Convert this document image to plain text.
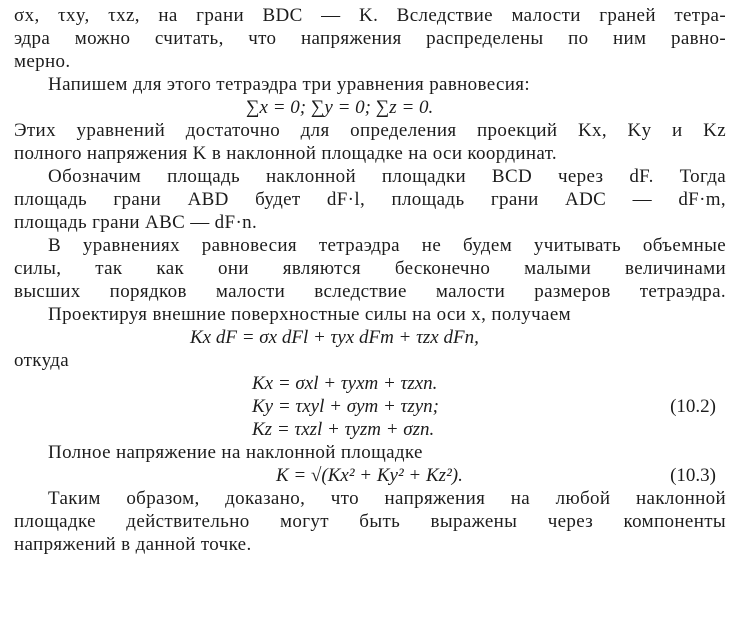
σx, τxy, τxz, на грани BDC — K. Вследствие малости граней тетра-
эдра можно считать, что напряжения распределены по ним равно-
мерно.
Напишем для этого тетраэдра три уравнения равновесия:
∑x = 0; ∑y = 0; ∑z = 0.
Этих уравнений достаточно для определения проекций Kx, Ky и Kz
полного напряжения K в наклонной площадке на оси координат.
Обозначим площадь наклонной площадки BCD через dF. Тогда
площадь грани ABD будет dF·l, площадь грани ADC — dF·m,
площадь грани ABC — dF·n.
В уравнениях равновесия тетраэдра не будем учитывать объемные
силы, так как они являются бесконечно малыми величинами
высших порядков малости вследствие малости размеров тетраэдра.
Проектируя внешние поверхностные силы на оси x, получаем
Kx dF = σx dFl + τyx dFm + τzx dFn,
откуда
Kx = σxl + τyxm + τzxn.
Ky = τxyl + σym + τzyn;	(10.2)
Kz = τxzl + τyzm + σzn.
Полное напряжение на наклонной площадке
K = √(Kx² + Ky² + Kz²).	(10.3)
Таким образом, доказано, что напряжения на любой наклонной
площадке действительно могут быть выражены через компоненты
напряжений в данной точке.
